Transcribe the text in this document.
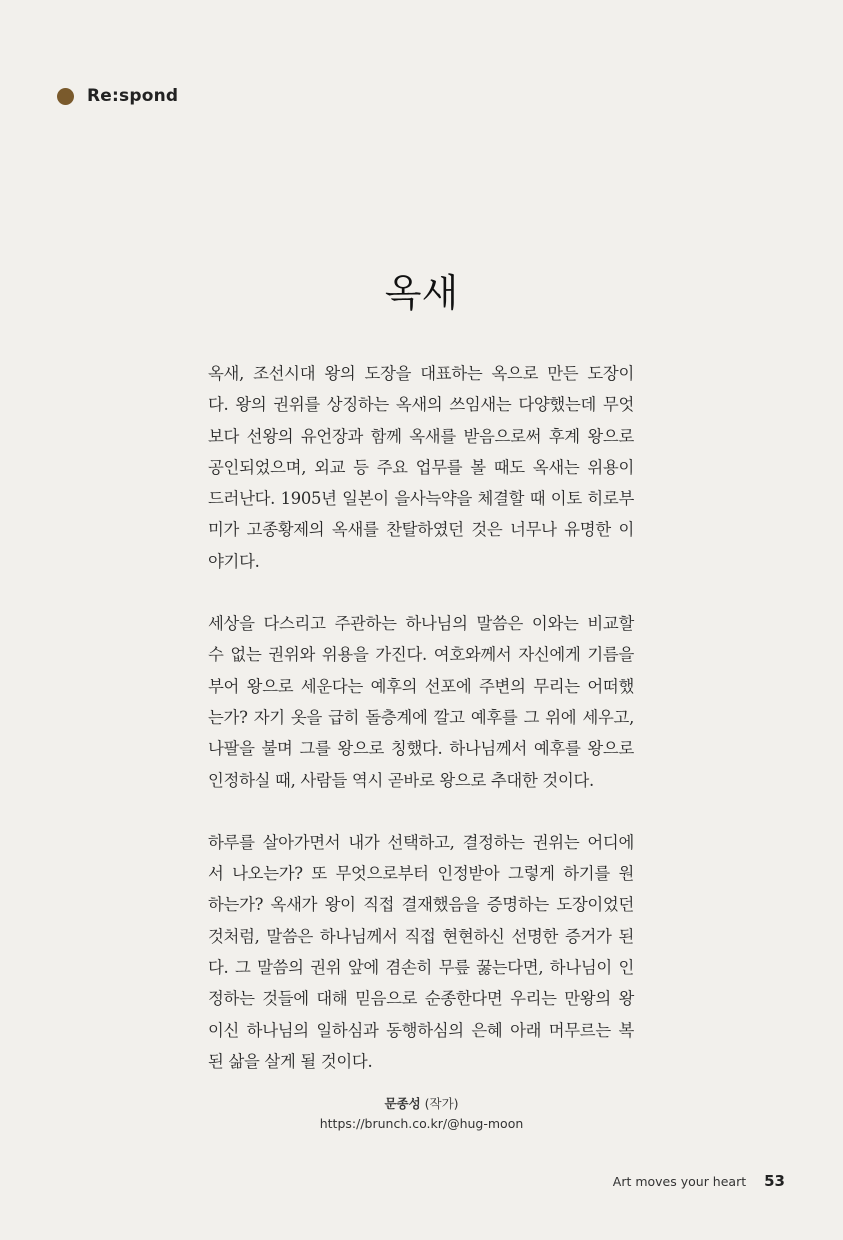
Re:spond
옥새
옥새, 조선시대 왕의 도장을 대표하는 옥으로 만든 도장이
다. 왕의 권위를 상징하는 옥새의 쓰임새는 다양했는데 무엇
보다 선왕의 유언장과 함께 옥새를 받음으로써 후계 왕으로
공인되었으며, 외교 등 주요 업무를 볼 때도 옥새는 위용이
드러난다. 1905년 일본이 을사늑약을 체결할 때 이토 히로부
미가 고종황제의 옥새를 찬탈하였던 것은 너무나 유명한 이
야기다.
세상을 다스리고 주관하는 하나님의 말씀은 이와는 비교할
수 없는 권위와 위용을 가진다. 여호와께서 자신에게 기름을
부어 왕으로 세운다는 예후의 선포에 주변의 무리는 어떠했
는가? 자기 옷을 급히 돌층계에 깔고 예후를 그 위에 세우고,
나팔을 불며 그를 왕으로 칭했다. 하나님께서 예후를 왕으로
인정하실 때, 사람들 역시 곧바로 왕으로 추대한 것이다.
하루를 살아가면서 내가 선택하고, 결정하는 권위는 어디에
서 나오는가? 또 무엇으로부터 인정받아 그렇게 하기를 원
하는가? 옥새가 왕이 직접 결재했음을 증명하는 도장이었던
것처럼, 말씀은 하나님께서 직접 현현하신 선명한 증거가 된
다. 그 말씀의 권위 앞에 겸손히 무릎 꿇는다면, 하나님이 인
정하는 것들에 대해 믿음으로 순종한다면 우리는 만왕의 왕
이신 하나님의 일하심과 동행하심의 은혜 아래 머무르는 복
된 삶을 살게 될 것이다.
문종성 (작가)
https://brunch.co.kr/@hug-moon
Art moves your heart 53
